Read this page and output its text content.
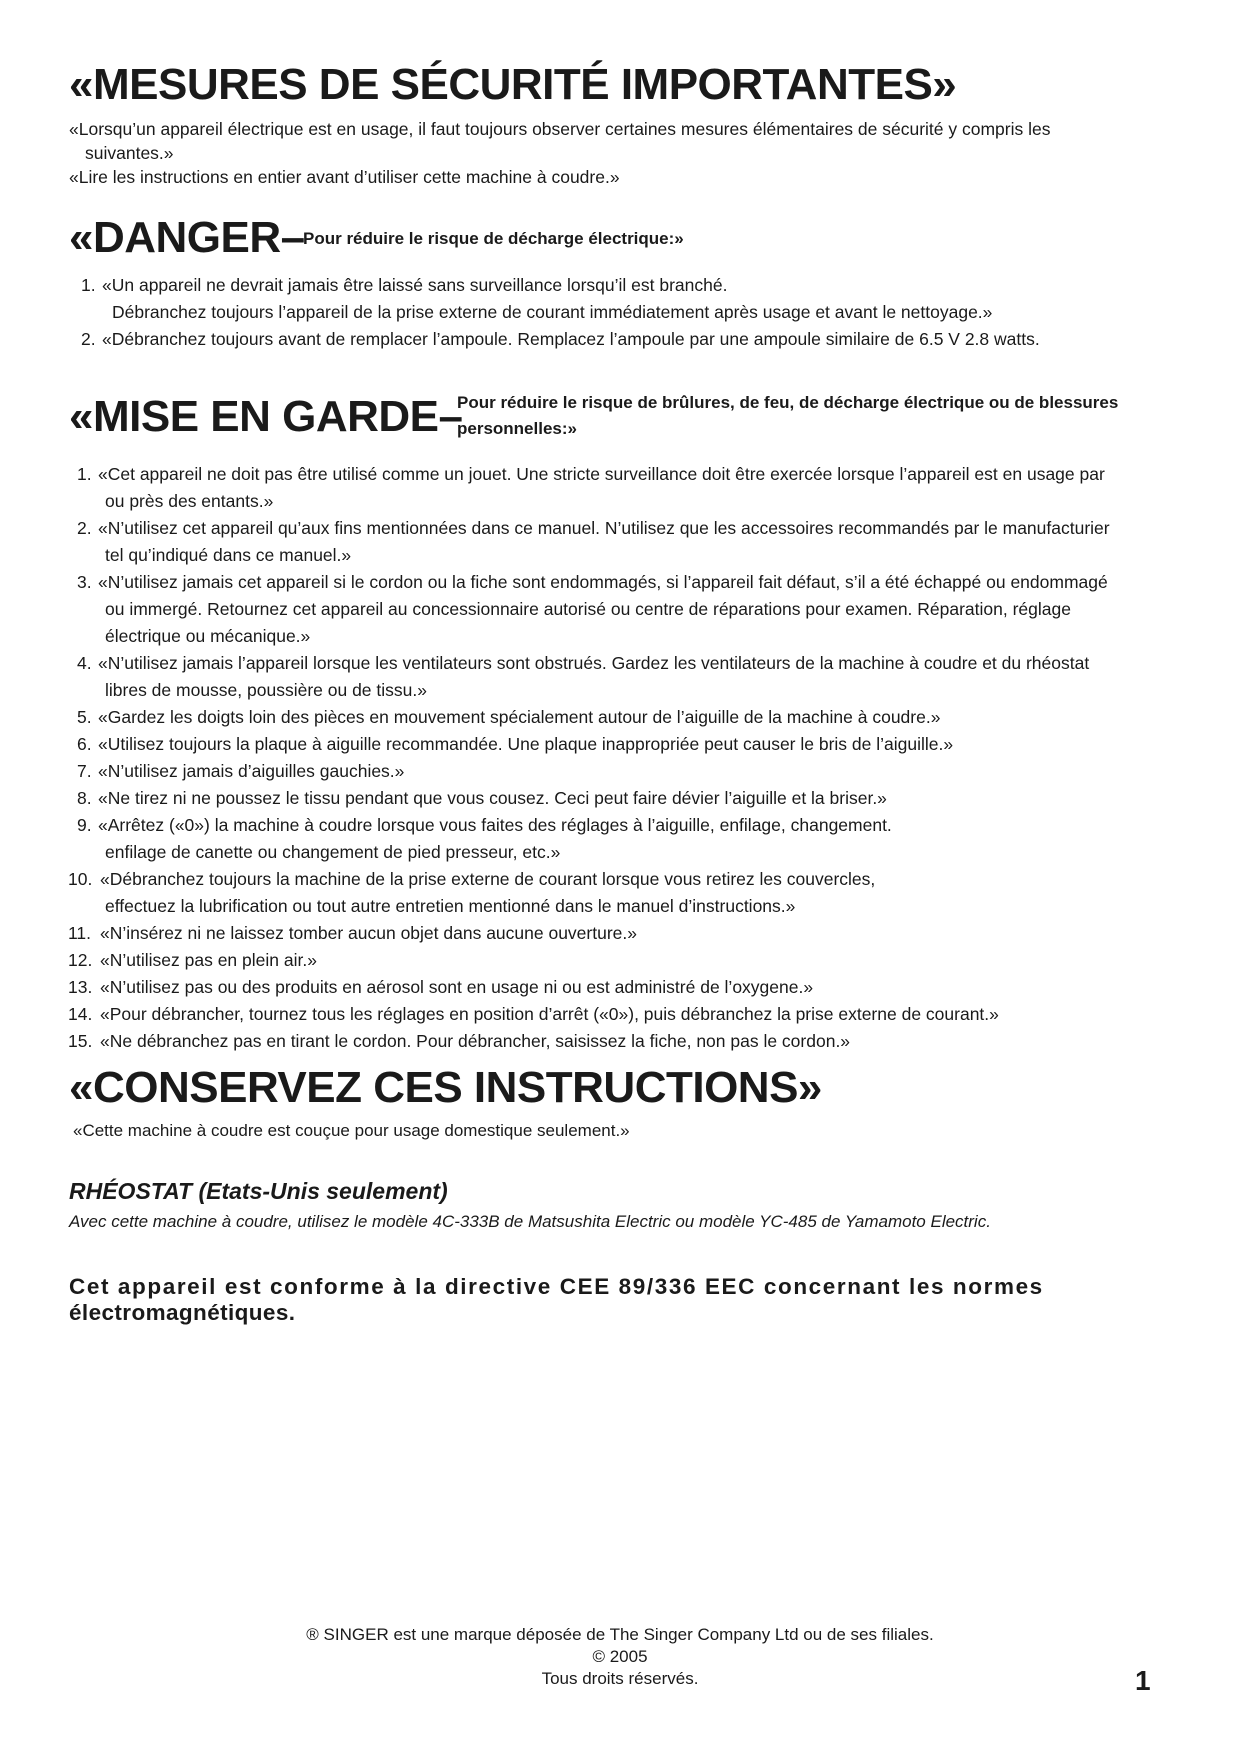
«MESURES DE SÉCURITÉ IMPORTANTES»
«Lorsqu’un appareil électrique est en usage, il faut toujours observer certaines mesures élémentaires de sécurité y compris les
suivantes.»
«Lire les instructions en entier avant d’utiliser cette machine à coudre.»
«DANGER–
Pour réduire le risque de décharge électrique:»
1. «Un appareil ne devrait jamais être laissé sans surveillance lorsqu’il est branché.
Débranchez toujours l’appareil de la prise externe de courant immédiatement après usage et avant le nettoyage.»
2. «Débranchez toujours avant de remplacer l’ampoule. Remplacez l’ampoule par une ampoule similaire de 6.5 V 2.8 watts.
«MISE EN GARDE–
Pour réduire le risque de brûlures, de feu, de décharge électrique ou de blessures
personnelles:»
1. «Cet appareil ne doit pas être utilisé comme un jouet. Une stricte surveillance doit être exercée lorsque l’appareil est en usage par
ou près des entants.»
2. «N’utilisez cet appareil qu’aux fins mentionnées dans ce manuel. N’utilisez que les accessoires recommandés par le manufacturier
tel qu’indiqué dans ce manuel.»
3. «N’utilisez jamais cet appareil si le cordon ou la fiche sont endommagés, si l’appareil fait défaut, s’il a été échappé ou endommagé
ou immergé. Retournez cet appareil au concessionnaire autorisé ou centre de réparations pour examen. Réparation, réglage
électrique ou mécanique.»
4. «N’utilisez jamais l’appareil lorsque les ventilateurs sont obstrués. Gardez les ventilateurs de la machine à coudre et du rhéostat
libres de mousse, poussière ou de tissu.»
5. «Gardez les doigts loin des pièces en mouvement spécialement autour de l’aiguille de la machine à coudre.»
6. «Utilisez toujours la plaque à aiguille recommandée. Une plaque inappropriée peut causer le bris de l’aiguille.»
7. «N’utilisez jamais d’aiguilles gauchies.»
8. «Ne tirez ni ne poussez le tissu pendant que vous cousez. Ceci peut faire dévier l’aiguille et la briser.»
9. «Arrêtez («0») la machine à coudre lorsque vous faites des réglages à l’aiguille, enfilage, changement.
enfilage de canette ou changement de pied presseur, etc.»
10. «Débranchez toujours la machine de la prise externe de courant lorsque vous retirez les couvercles,
effectuez la lubrification ou tout autre entretien mentionné dans le manuel d’instructions.»
11. «N’insérez ni ne laissez tomber aucun objet dans aucune ouverture.»
12. «N’utilisez pas en plein air.»
13. «N’utilisez pas ou des produits en aérosol sont en usage ni ou est administré de l’oxygene.»
14. «Pour débrancher, tournez tous les réglages en position d’arrêt («0»), puis débranchez la prise externe de courant.»
15. «Ne débranchez pas en tirant le cordon. Pour débrancher, saisissez la fiche, non pas le cordon.»
«CONSERVEZ CES INSTRUCTIONS»
«Cette machine à coudre est couçue pour usage domestique seulement.»
RHÉOSTAT (Etats-Unis seulement)
Avec cette machine à coudre, utilisez le modèle 4C-333B de Matsushita Electric ou modèle YC-485 de Yamamoto Electric.
Cet appareil est conforme à la directive CEE 89/336 EEC concernant les normes
électromagnétiques.
® SINGER est une marque déposée de The Singer Company Ltd ou de ses filiales.
© 2005
Tous droits réservés.	1
